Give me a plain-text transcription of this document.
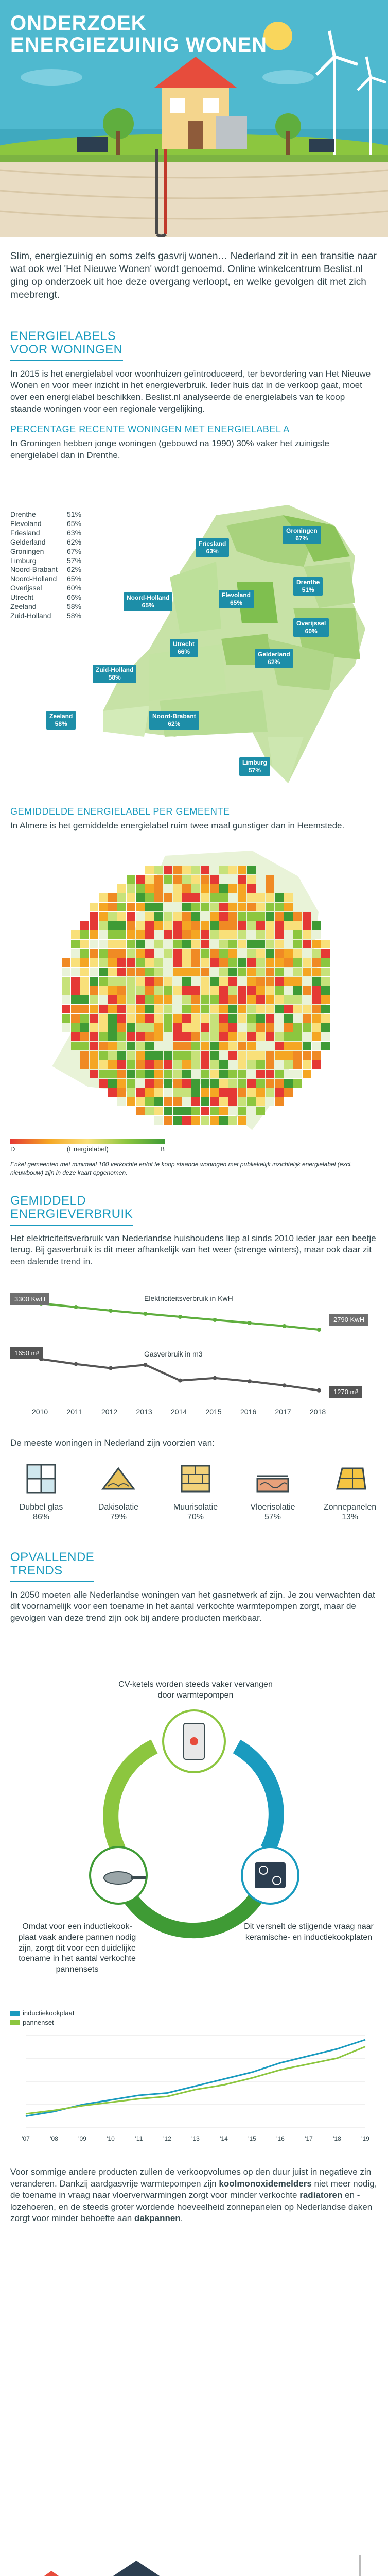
ONDERZOEK
ENERGIEZUINIG WONEN
Slim, energiezuinig en soms zelfs gasvrij wonen… Nederland zit in een transitie naar wat ook wel 'Het Nieuwe Wonen' wordt genoemd. Online winkelcentrum Beslist.nl ging op onderzoek uit hoe deze overgang verloopt, en welke gevolgen dit met zich meebrengt.
ENERGIELABELS
VOOR WONINGEN

In 2015 is het energielabel voor woonhuizen geïntroduceerd, ter bevordering van Het Nieuwe Wonen en voor meer inzicht in het energieverbruik. Ieder huis dat in de verkoop gaat, moet over een energielabel beschikken. Beslist.nl analyseerde de energielabels van te koop staande woningen voor een regionale vergelijking.

PERCENTAGE RECENTE WONINGEN MET ENERGIELABEL A

In Groningen hebben jonge woningen (gebouwd na 1990) 30% vaker het zuinigste energielabel dan in Drenthe.

Drenthe	51%
Flevoland	65%
Friesland	63%
Gelderland	62%
Groningen	67%
Limburg	57%
Noord-Brabant	62%
Noord-Holland	65%
Overijssel	60%
Utrecht	66%
Zeeland	58%
Zuid-Holland	58%
Friesland
63%
Groningen
67%
Drenthe
51%
Noord-Holland
65%
Flevoland
65%
Overijssel
60%
Utrecht
66%	Gelderland
62%
Zuid-Holland
58%
Zeeland
58%
Noord-Brabant
62%
Limburg
57%
GEMIDDELDE ENERGIELABEL PER GEMEENTE

In Almere is het gemiddelde energielabel ruim twee maal gunstiger dan in Heemstede.

D	(Energielabel)	B
Enkel gemeenten met minimaal 100 verkochte en/of te koop staande woningen met publiekelijk inzichtelijk energielabel (excl. nieuwbouw) zijn in deze kaart opgenomen.
GEMIDDELD
ENERGIEVERBRUIK

Het elektriciteitsverbruik van Nederlandse huishoudens liep al sinds 2010 ieder jaar een beetje terug. Bij gasverbruik is dit meer afhankelijk van het weer (strenge winters), maar ook daar zit een dalende trend in.

3300 KwH
2790 KwH
Elektriciteitsverbruik in KwH
1650 m³
1270 m³
Gasverbruik in m3
2010	2011	2012	2013	2014	2015	2016	2017	2018
De meeste woningen in Nederland zijn voorzien van:
Dubbel glas
86%
Dakisolatie
79%
Muurisolatie
70%
Vloerisolatie
57%
Zonnepanelen
13%
OPVALLENDE
TRENDS

In 2050 moeten alle Nederlandse woningen van het gasnetwerk af zijn. Je zou verwachten dat dit voornamelijk voor een toename in het aantal verkochte warmtepompen zorgt, maar de gevolgen van deze trend zijn ook bij andere producten merkbaar.

CV-ketels worden steeds vaker vervangen door warmtepompen
Omdat voor een inductiekook-plaat vaak andere pannen nodig zijn, zorgt dit voor een duidelijke toename in het aantal verkochte pannensets
Dit versnelt de stijgende vraag naar keramische- en inductiekookplaten
inductiekookplaat
pannenset
'07	'08	'09	'10	'11	'12	'13	'14	'15	'16	'17	'18	'19
Voor sommige andere producten zullen de verkoopvolumes op den duur juist in negatieve zin veranderen. Dankzij aardgasvrije warmtepompen zijn koolmonoxidemelders niet meer nodig, de toename in vraag naar vloerverwarmingen zorgt voor minder verkochte radiatoren en -lozehoeren, en de steeds groter wordende hoeveelheid zonnepanelen op Nederlandse daken zorgt voor minder behoefte aan dakpannen.
